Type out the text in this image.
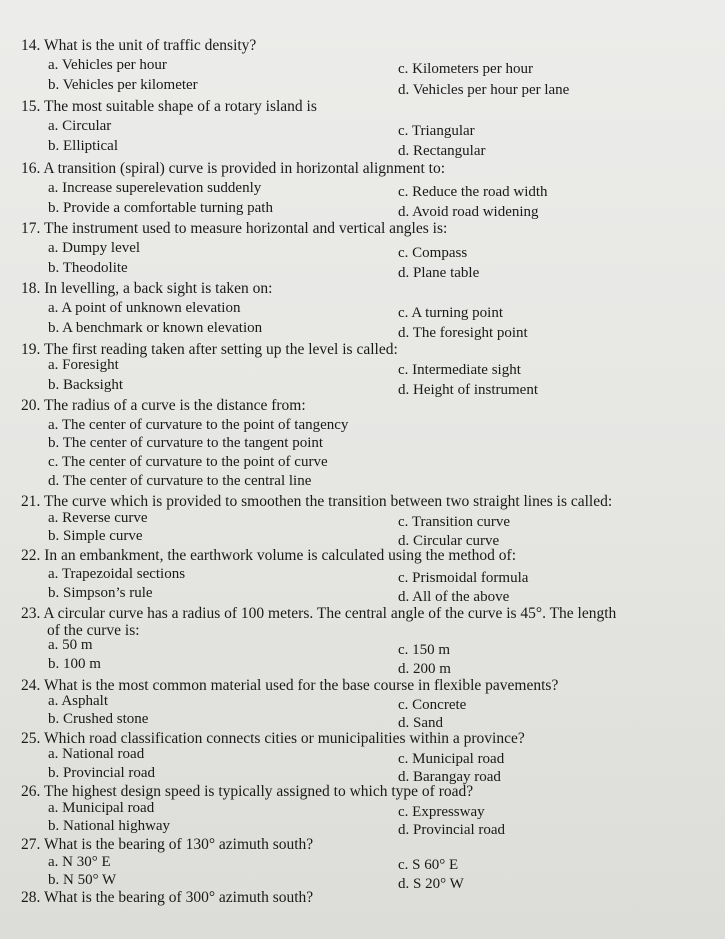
14. What is the unit of traffic density?
a. Vehicles per hour	c. Kilometers per hour
b. Vehicles per kilometer	d. Vehicles per hour per lane
15. The most suitable shape of a rotary island is
a. Circular	c. Triangular
b. Elliptical	d. Rectangular
16. A transition (spiral) curve is provided in horizontal alignment to:
a. Increase superelevation suddenly	c. Reduce the road width
b. Provide a comfortable turning path	d. Avoid road widening
17. The instrument used to measure horizontal and vertical angles is:
a. Dumpy level	c. Compass
b. Theodolite	d. Plane table
18. In levelling, a back sight is taken on:
a. A point of unknown elevation	c. A turning point
b. A benchmark or known elevation	d. The foresight point
19. The first reading taken after setting up the level is called:
a. Foresight	c. Intermediate sight
b. Backsight	d. Height of instrument
20. The radius of a curve is the distance from:
a. The center of curvature to the point of tangency
b. The center of curvature to the tangent point
c. The center of curvature to the point of curve
d. The center of curvature to the central line
21. The curve which is provided to smoothen the transition between two straight lines is called:
a. Reverse curve	c. Transition curve
b. Simple curve	d. Circular curve
22. In an embankment, the earthwork volume is calculated using the method of:
a. Trapezoidal sections	c. Prismoidal formula
b. Simpson’s rule	d. All of the above
23. A circular curve has a radius of 100 meters. The central angle of the curve is 45°. The length
of the curve is:
a. 50 m	c. 150 m
b. 100 m	d. 200 m
24. What is the most common material used for the base course in flexible pavements?
a. Asphalt	c. Concrete
b. Crushed stone	d. Sand
25. Which road classification connects cities or municipalities within a province?
a. National road	c. Municipal road
b. Provincial road	d. Barangay road
26. The highest design speed is typically assigned to which type of road?
a. Municipal road	c. Expressway
b. National highway	d. Provincial road
27. What is the bearing of 130° azimuth south?
a. N 30° E	c. S 60° E
b. N 50° W	d. S 20° W
28. What is the bearing of 300° azimuth south?
